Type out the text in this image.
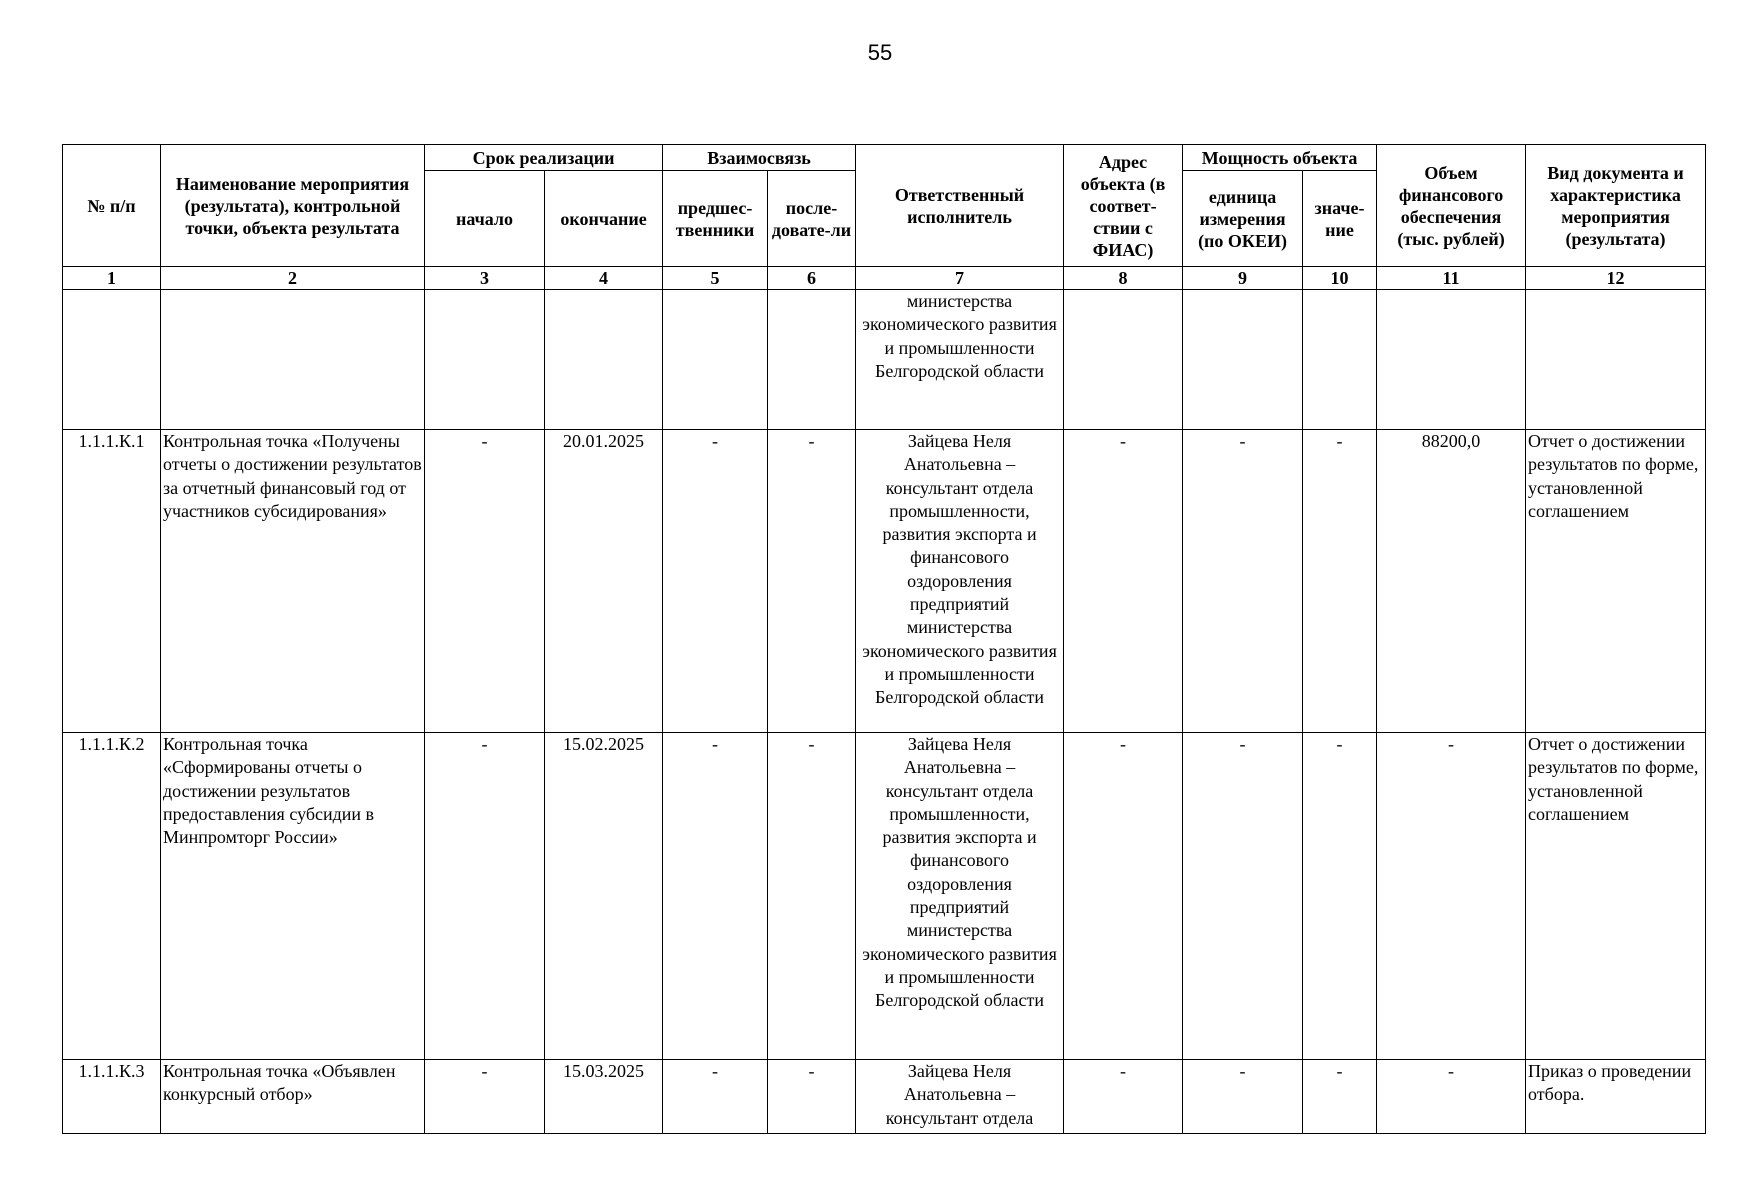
55
№ п/п	Наименование мероприятия (результата), контрольной точки, объекта результата	Срок реализации		Взаимосвязь		Ответственный исполнитель	Адрес объекта (в соответ-ствии с ФИАС)	Мощность объекта		Объем финансового обеспечения (тыс. рублей)	Вид документа и характеристика мероприятия (результата)
		начало	окончание	предшес-твенники	после-довате-ли			единица измерения (по ОКЕИ)	значе-ние		
1	2	3	4	5	6	7	8	9	10	11	12
						министерства экономического развития и промышленности Белгородской области					
1.1.1.К.1	Контрольная точка «Получены отчеты о достижении результатов за отчетный финансовый год от участников субсидирования»	-	20.01.2025	-	-	Зайцева Неля Анатольевна – консультант отдела промышленности, развития экспорта и финансового оздоровления предприятий министерства экономического развития и промышленности Белгородской области	-	-	-	88200,0	Отчет о достижении результатов по форме, установленной соглашением
1.1.1.К.2	Контрольная точка «Сформированы отчеты о достижении результатов предоставления субсидии в Минпромторг России»	-	15.02.2025	-	-	Зайцева Неля Анатольевна – консультант отдела промышленности, развития экспорта и финансового оздоровления предприятий министерства экономического развития и промышленности Белгородской области	-	-	-	-	Отчет о достижении результатов по форме, установленной соглашением
1.1.1.К.3	Контрольная точка «Объявлен конкурсный отбор»	-	15.03.2025	-	-	Зайцева Неля Анатольевна – консультант отдела	-	-	-	-	Приказ о проведении отбора.
